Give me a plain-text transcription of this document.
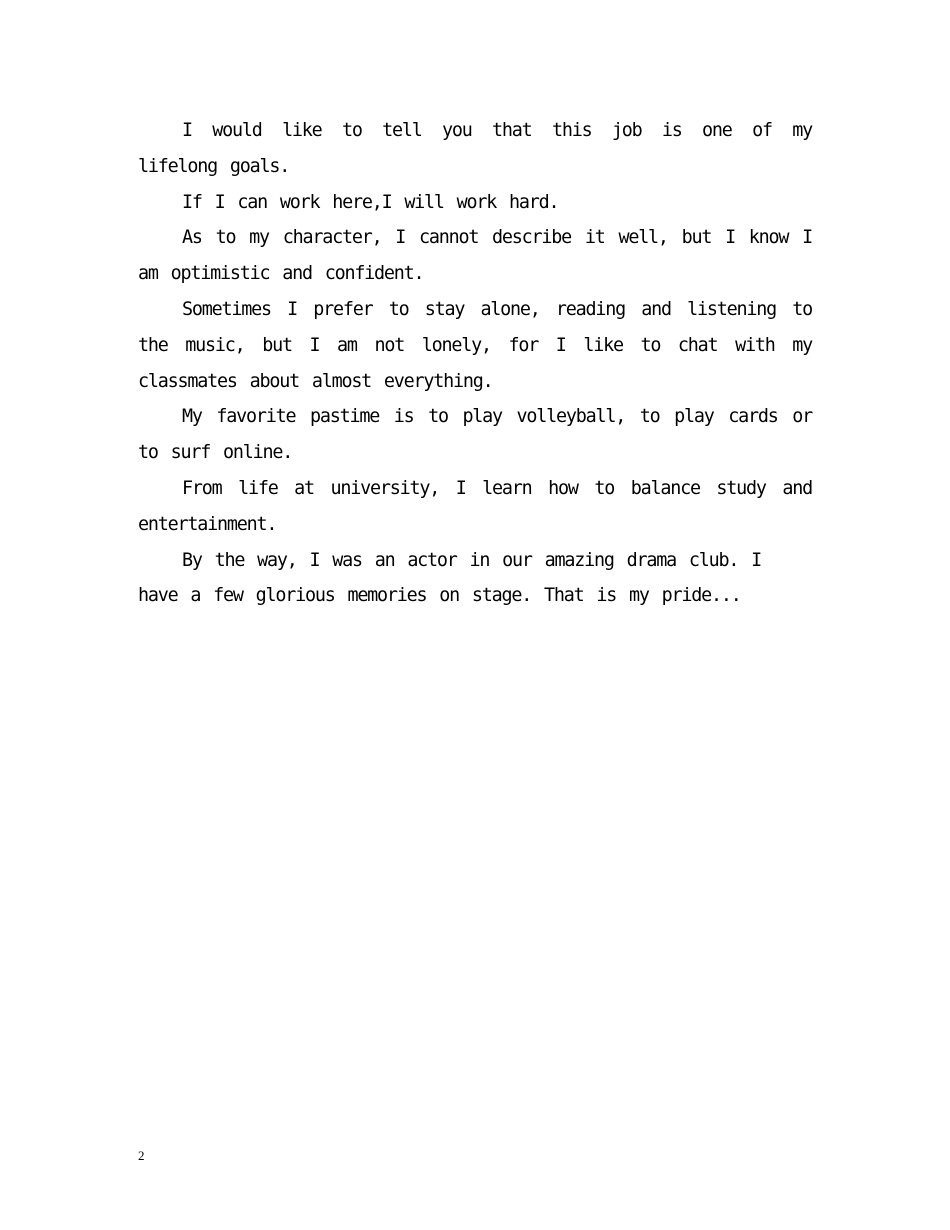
I would like to tell you that this job is one of my lifelong goals.

If I can work here,I will work hard.

As to my character, I cannot describe it well, but I know I am optimistic and confident.

Sometimes I prefer to stay alone, reading and listening to the music, but I am not lonely, for I like to chat with my classmates about almost everything.

My favorite pastime is to play volleyball, to play cards or to surf online.

From life at university, I learn how to balance study and entertainment.

By the way, I was an actor in our amazing drama club. I have a few glorious memories on stage. That is my pride...

2
